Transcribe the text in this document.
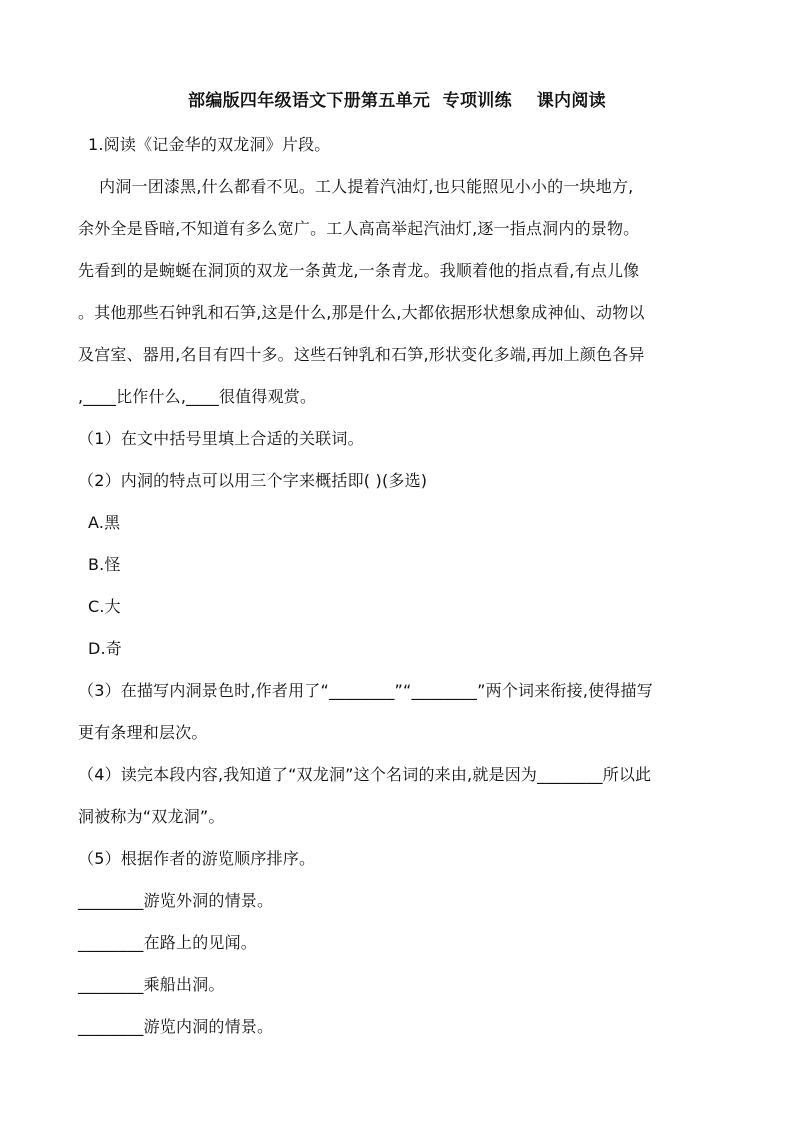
部编版四年级语文下册第五单元  专项训练    课内阅读
1.阅读《记金华的双龙洞》片段。
内洞一团漆黑,什么都看不见。工人提着汽油灯,也只能照见小小的一块地方,
余外全是昏暗,不知道有多么宽广。工人高高举起汽油灯,逐一指点洞内的景物。
先看到的是蜿蜒在洞顶的双龙一条黄龙,一条青龙。我顺着他的指点看,有点儿像
。其他那些石钟乳和石笋,这是什么,那是什么,大都依据形状想象成神仙、动物以
及宫室、器用,名目有四十多。这些石钟乳和石笋,形状变化多端,再加上颜色各异
,____比作什么,____很值得观赏。
（1）在文中括号里填上合适的关联词。
（2）内洞的特点可以用三个字来概括即( )(多选)
A.黑
B.怪
C.大
D.奇
（3）在描写内洞景色时,作者用了“________”“________”两个词来衔接,使得描写
更有条理和层次。
（4）读完本段内容,我知道了“双龙洞”这个名词的来由,就是因为________所以此
洞被称为“双龙洞”。
（5）根据作者的游览顺序排序。
________游览外洞的情景。
________在路上的见闻。
________乘船出洞。
________游览内洞的情景。
